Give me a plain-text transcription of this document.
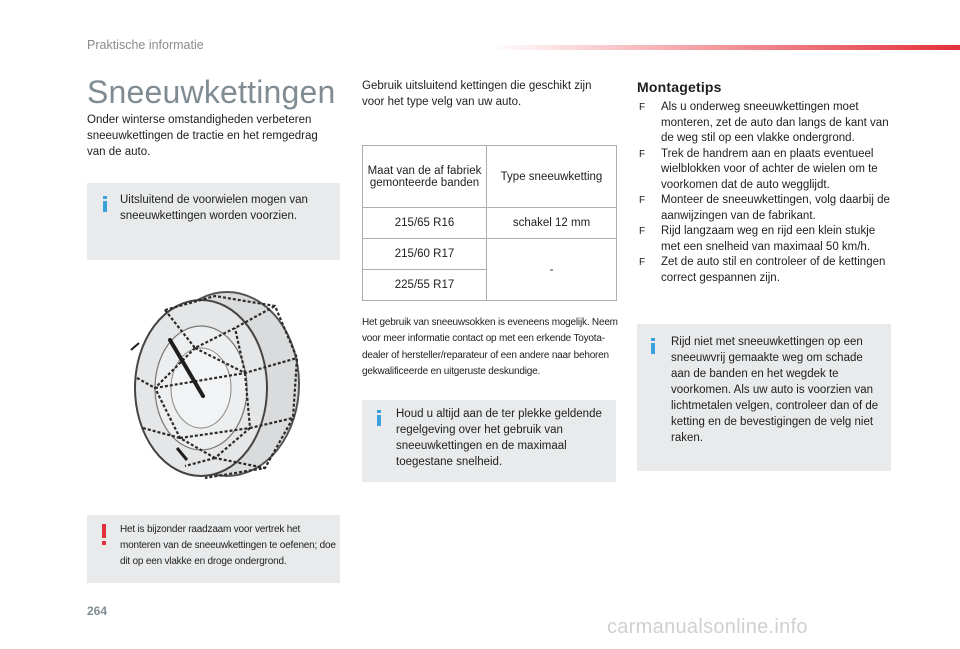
Praktische informatie
Sneeuwkettingen
Onder winterse omstandigheden verbeteren sneeuwkettingen de tractie en het remgedrag van de auto.
Uitsluitend de voorwielen mogen van sneeuwkettingen worden voorzien.
Het is bijzonder raadzaam voor vertrek het monteren van de sneeuwkettingen te oefenen; doe dit op een vlakke en droge ondergrond.
Gebruik uitsluitend kettingen die geschikt zijn voor het type velg van uw auto.
Maat van de af fabriek gemonteerde banden	Type sneeuwketting
215/65 R16	schakel 12 mm
215/60 R17	-
225/55 R17	
Het gebruik van sneeuwsokken is eveneens mogelijk. Neem voor meer informatie contact op met een erkende Toyota-dealer of hersteller/reparateur of een andere naar behoren gekwalificeerde en uitgeruste deskundige.
Houd u altijd aan de ter plekke geldende regelgeving over het gebruik van sneeuwkettingen en de maximaal toegestane snelheid.
Montagetips
F Als u onderweg sneeuwkettingen moet monteren, zet de auto dan langs de kant van de weg stil op een vlakke ondergrond.
F Trek de handrem aan en plaats eventueel wielblokken voor of achter de wielen om te voorkomen dat de auto wegglijdt.
F Monteer de sneeuwkettingen, volg daarbij de aanwijzingen van de fabrikant.
F Rijd langzaam weg en rijd een klein stukje met een snelheid van maximaal 50 km/h.
F Zet de auto stil en controleer of de kettingen correct gespannen zijn.
Rijd niet met sneeuwkettingen op een sneeuwvrij gemaakte weg om schade aan de banden en het wegdek te voorkomen. Als uw auto is voorzien van lichtmetalen velgen, controleer dan of de ketting en de bevestigingen de velg niet raken.
264
carmanualsonline.info
